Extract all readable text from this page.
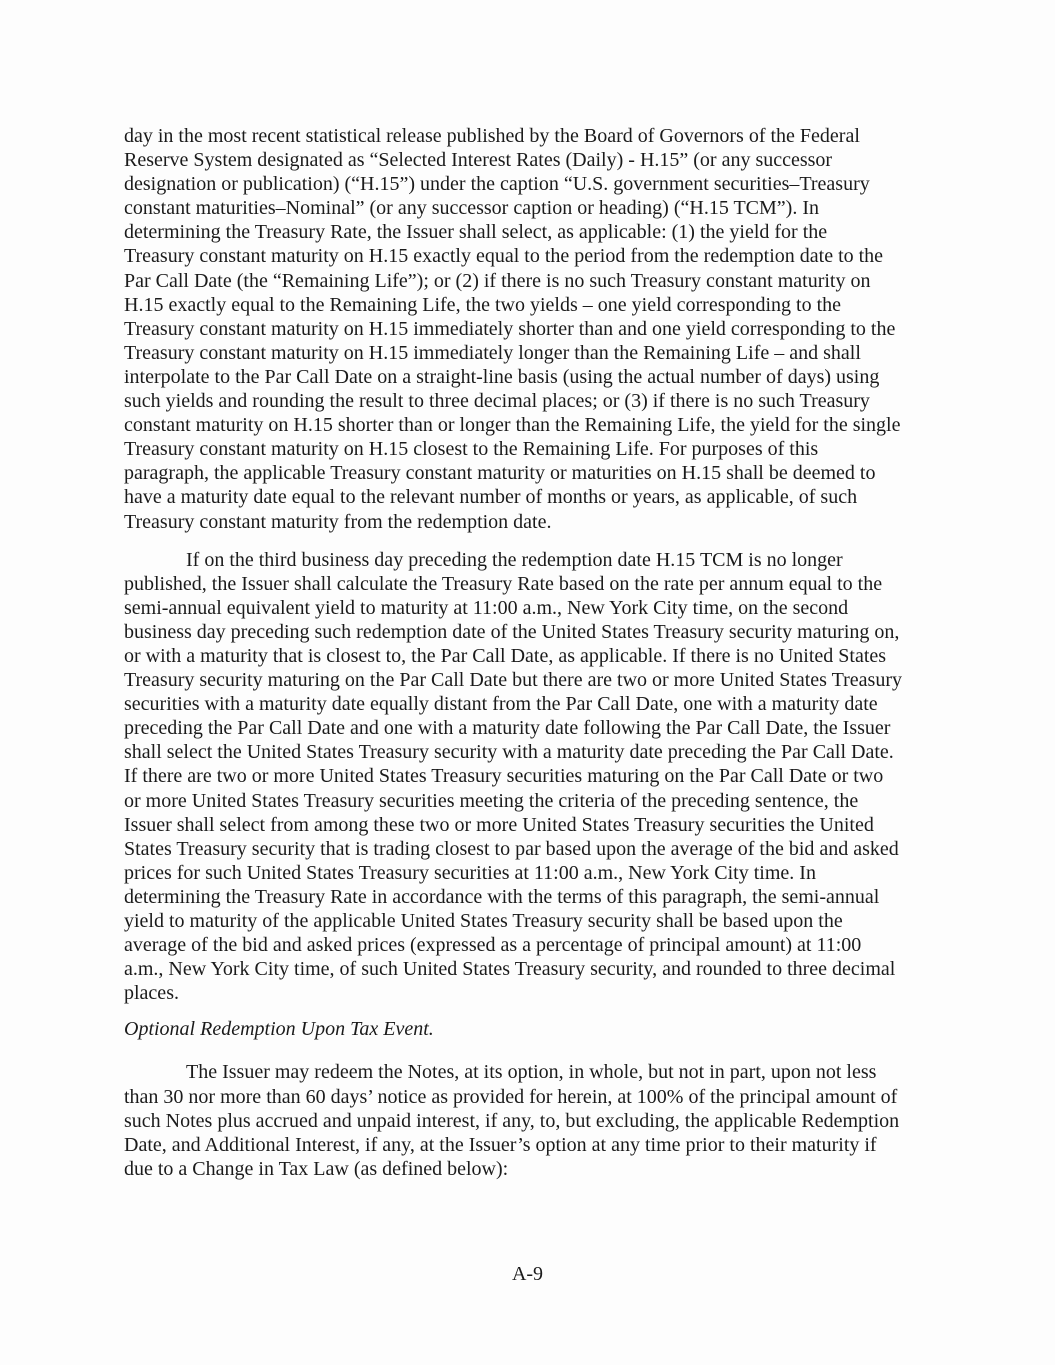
day in the most recent statistical release published by the Board of Governors of the Federal
Reserve System designated as “Selected Interest Rates (Daily) - H.15” (or any successor
designation or publication) (“H.15”) under the caption “U.S. government securities–Treasury
constant maturities–Nominal” (or any successor caption or heading) (“H.15 TCM”). In
determining the Treasury Rate, the Issuer shall select, as applicable: (1) the yield for the
Treasury constant maturity on H.15 exactly equal to the period from the redemption date to the
Par Call Date (the “Remaining Life”); or (2) if there is no such Treasury constant maturity on
H.15 exactly equal to the Remaining Life, the two yields – one yield corresponding to the
Treasury constant maturity on H.15 immediately shorter than and one yield corresponding to the
Treasury constant maturity on H.15 immediately longer than the Remaining Life – and shall
interpolate to the Par Call Date on a straight-line basis (using the actual number of days) using
such yields and rounding the result to three decimal places; or (3) if there is no such Treasury
constant maturity on H.15 shorter than or longer than the Remaining Life, the yield for the single
Treasury constant maturity on H.15 closest to the Remaining Life. For purposes of this
paragraph, the applicable Treasury constant maturity or maturities on H.15 shall be deemed to
have a maturity date equal to the relevant number of months or years, as applicable, of such
Treasury constant maturity from the redemption date.
If on the third business day preceding the redemption date H.15 TCM is no longer
published, the Issuer shall calculate the Treasury Rate based on the rate per annum equal to the
semi-annual equivalent yield to maturity at 11:00 a.m., New York City time, on the second
business day preceding such redemption date of the United States Treasury security maturing on,
or with a maturity that is closest to, the Par Call Date, as applicable. If there is no United States
Treasury security maturing on the Par Call Date but there are two or more United States Treasury
securities with a maturity date equally distant from the Par Call Date, one with a maturity date
preceding the Par Call Date and one with a maturity date following the Par Call Date, the Issuer
shall select the United States Treasury security with a maturity date preceding the Par Call Date.
If there are two or more United States Treasury securities maturing on the Par Call Date or two
or more United States Treasury securities meeting the criteria of the preceding sentence, the
Issuer shall select from among these two or more United States Treasury securities the United
States Treasury security that is trading closest to par based upon the average of the bid and asked
prices for such United States Treasury securities at 11:00 a.m., New York City time. In
determining the Treasury Rate in accordance with the terms of this paragraph, the semi-annual
yield to maturity of the applicable United States Treasury security shall be based upon the
average of the bid and asked prices (expressed as a percentage of principal amount) at 11:00
a.m., New York City time, of such United States Treasury security, and rounded to three decimal
places.
Optional Redemption Upon Tax Event.
The Issuer may redeem the Notes, at its option, in whole, but not in part, upon not less
than 30 nor more than 60 days’ notice as provided for herein, at 100% of the principal amount of
such Notes plus accrued and unpaid interest, if any, to, but excluding, the applicable Redemption
Date, and Additional Interest, if any, at the Issuer’s option at any time prior to their maturity if
due to a Change in Tax Law (as defined below):
A-9
